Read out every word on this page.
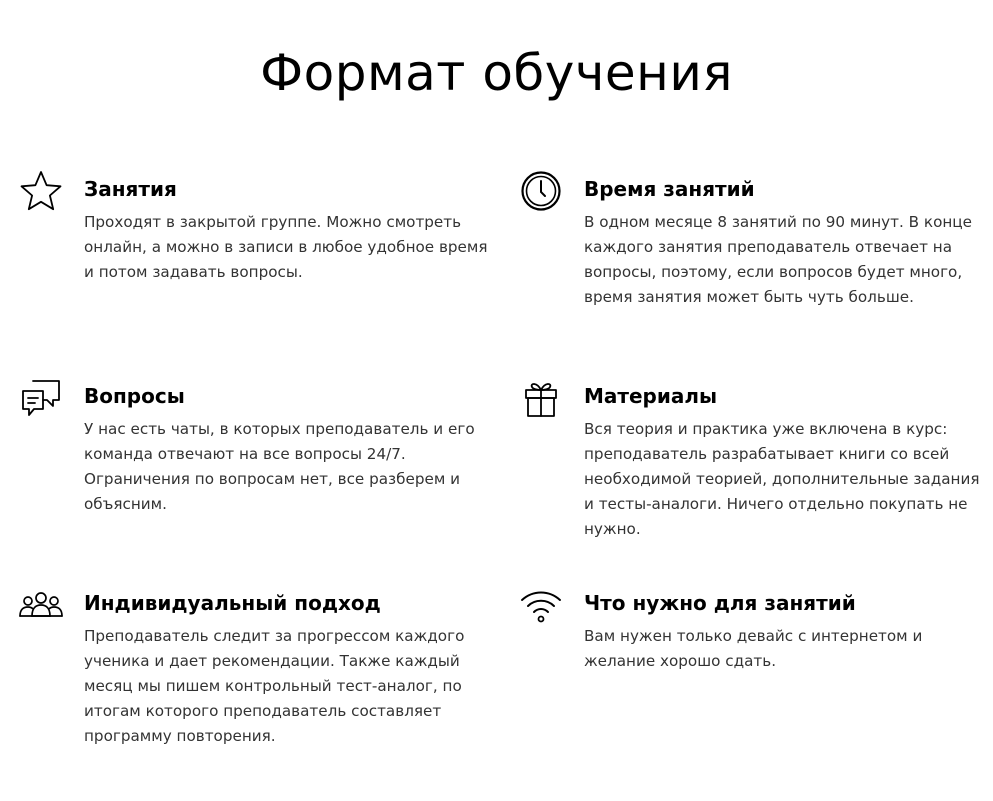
Формат обучения
Занятия

Проходят в закрытой группе. Можно смотреть онлайн, а можно в записи в любое удобное время и потом задавать вопросы.

Время занятий

В одном месяце 8 занятий по 90 минут. В конце каждого занятия преподаватель отвечает на вопросы, поэтому, если вопросов будет много, время занятия может быть чуть больше.

Вопросы

У нас есть чаты, в которых преподаватель и его команда отвечают на все вопросы 24/7. Ограничения по вопросам нет, все разберем и объясним.

Материалы

Вся теория и практика уже включена в курс: преподаватель разрабатывает книги со всей необходимой теорией, дополнительные задания и тесты-аналоги. Ничего отдельно покупать не нужно.

Индивидуальный подход

Преподаватель следит за прогрессом каждого ученика и дает рекомендации. Также каждый месяц мы пишем контрольный тест-аналог, по итогам которого преподаватель составляет программу повторения.

Что нужно для занятий

Вам нужен только девайс с интернетом и желание хорошо сдать.
